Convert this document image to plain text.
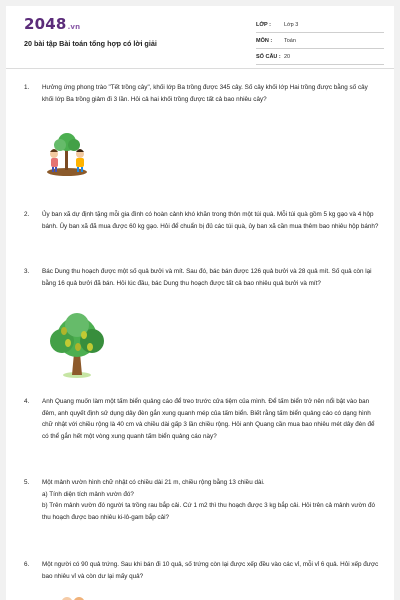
2048.vn
20 bài tập Bài toán tổng hợp có lời giải
LỚP :	Lớp 3
MÔN :	Toán
SỐ CÂU : 20
1.	Hưởng ứng phong trào "Tết trồng cây", khối lớp Ba trồng được 345 cây. Số cây khối lớp Hai trồng được bằng số cây khối lớp Ba trồng giảm đi 3 lần. Hỏi cả hai khối trồng được tất cả bao nhiêu cây?

2.	Ủy ban xã dự định tặng mỗi gia đình có hoàn cảnh khó khăn trong thôn một túi quà. Mỗi túi quà gồm 5 kg gạo và 4 hộp bánh. Ủy ban xã đã mua được 60 kg gạo. Hỏi để chuẩn bị đủ các túi quà, ủy ban xã cần mua thêm bao nhiêu hộp bánh?

3.	Bác Dung thu hoạch được một số quả bưởi và mít. Sau đó, bác bán được 126 quả bưởi và 28 quả mít. Số quả còn lại bằng 16 quả bưởi đã bán. Hỏi lúc đầu, bác Dung thu hoạch được tất cả bao nhiêu quả bưởi và mít?

4.	Anh Quang muốn làm một tấm biển quảng cáo để treo trước cửa tiệm của mình. Để tấm biển trở nên nổi bật vào ban đêm, anh quyết định sử dụng dây đèn gắn xung quanh mép của tấm biển. Biết rằng tấm biển quảng cáo có dạng hình chữ nhật với chiều rộng là 40 cm và chiều dài gấp 3 lần chiều rộng. Hỏi anh Quang cần mua bao nhiêu mét dây đèn để có thể gắn hết một vòng xung quanh tấm biển quảng cáo này?

5.	Một mảnh vườn hình chữ nhật có chiều dài 21 m, chiều rộng bằng 13 chiều dài.

a) Tính diện tích mảnh vườn đó?

b) Trên mảnh vườn đó người ta trồng rau bắp cải. Cứ 1 m2 thì thu hoạch được 3 kg bắp cải. Hỏi trên cả mảnh vườn đó thu hoạch được bao nhiêu ki-lô-gam bắp cải?

6.	Một người có 90 quả trứng. Sau khi bán đi 10 quả, số trứng còn lại được xếp đều vào các vỉ, mỗi vỉ 6 quả. Hỏi xếp được bao nhiêu vỉ và còn dư lại mấy quả?
